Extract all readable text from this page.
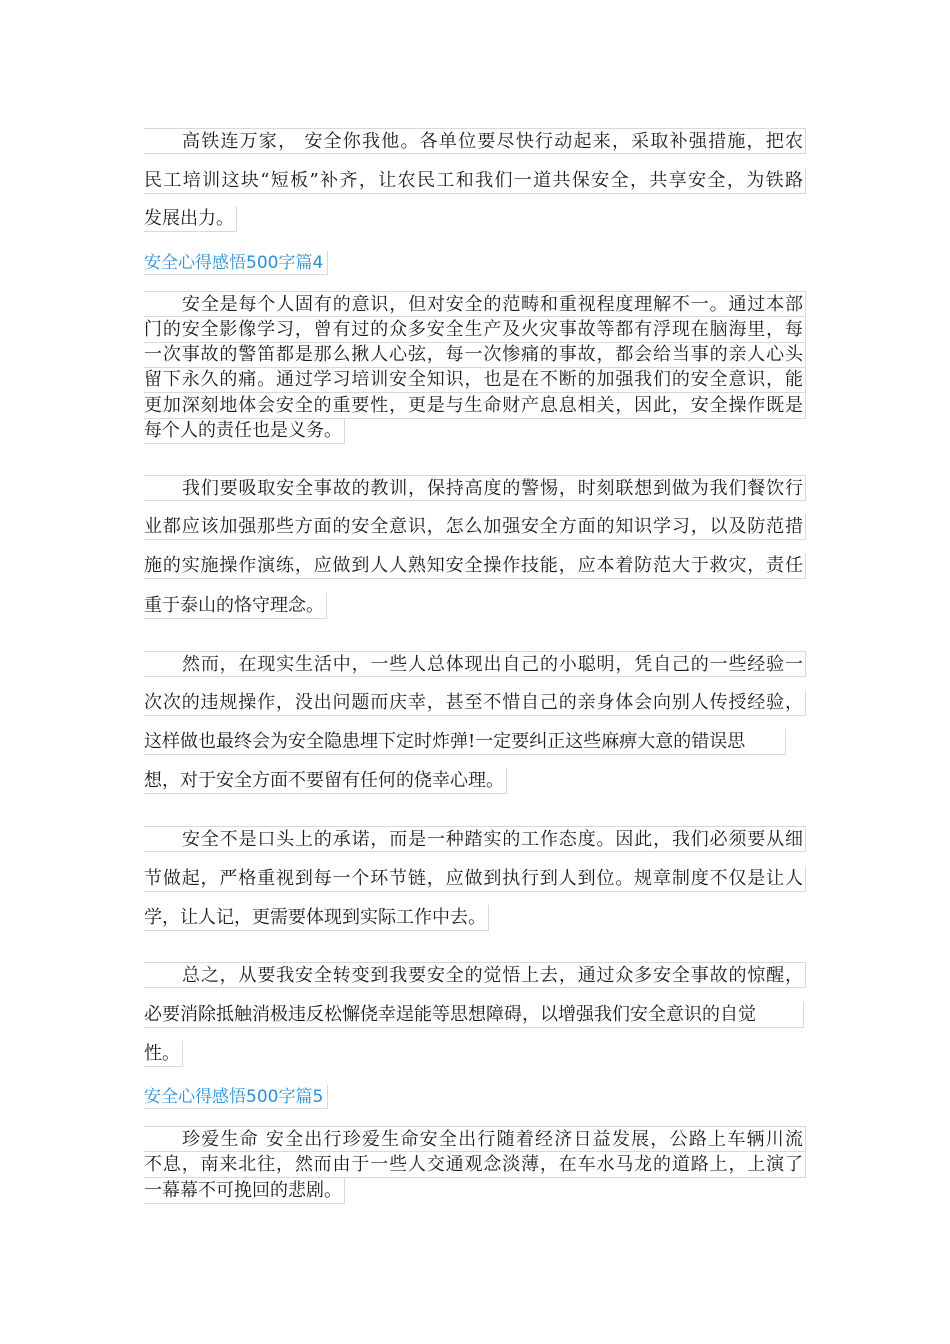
高铁连万家， 安全你我他。各单位要尽快行动起来，采取补强措施，把农
民工培训这块“短板”补齐，让农民工和我们一道共保安全，共享安全，为铁路
发展出力。
安全心得感悟500字篇4
安全是每个人固有的意识，但对安全的范畴和重视程度理解不一。通过本部
门的安全影像学习，曾有过的众多安全生产及火灾事故等都有浮现在脑海里，每
一次事故的警笛都是那么揪人心弦，每一次惨痛的事故，都会给当事的亲人心头
留下永久的痛。通过学习培训安全知识，也是在不断的加强我们的安全意识，能
更加深刻地体会安全的重要性，更是与生命财产息息相关，因此，安全操作既是
每个人的责任也是义务。
我们要吸取安全事故的教训，保持高度的警惕，时刻联想到做为我们餐饮行
业都应该加强那些方面的安全意识，怎么加强安全方面的知识学习，以及防范措
施的实施操作演练，应做到人人熟知安全操作技能，应本着防范大于救灾，责任
重于泰山的恪守理念。
然而，在现实生活中，一些人总体现出自己的小聪明，凭自己的一些经验一
次次的违规操作，没出问题而庆幸，甚至不惜自己的亲身体会向别人传授经验，
这样做也最终会为安全隐患埋下定时炸弹!一定要纠正这些麻痹大意的错误思
想，对于安全方面不要留有任何的侥幸心理。
安全不是口头上的承诺，而是一种踏实的工作态度。因此，我们必须要从细
节做起，严格重视到每一个环节链，应做到执行到人到位。规章制度不仅是让人
学，让人记，更需要体现到实际工作中去。
总之，从要我安全转变到我要安全的觉悟上去，通过众多安全事故的惊醒，
必要消除抵触消极违反松懈侥幸逞能等思想障碍，以增强我们安全意识的自觉
性。
安全心得感悟500字篇5
珍爱生命 安全出行珍爱生命安全出行随着经济日益发展，公路上车辆川流
不息，南来北往，然而由于一些人交通观念淡薄，在车水马龙的道路上，上演了
一幕幕不可挽回的悲剧。
